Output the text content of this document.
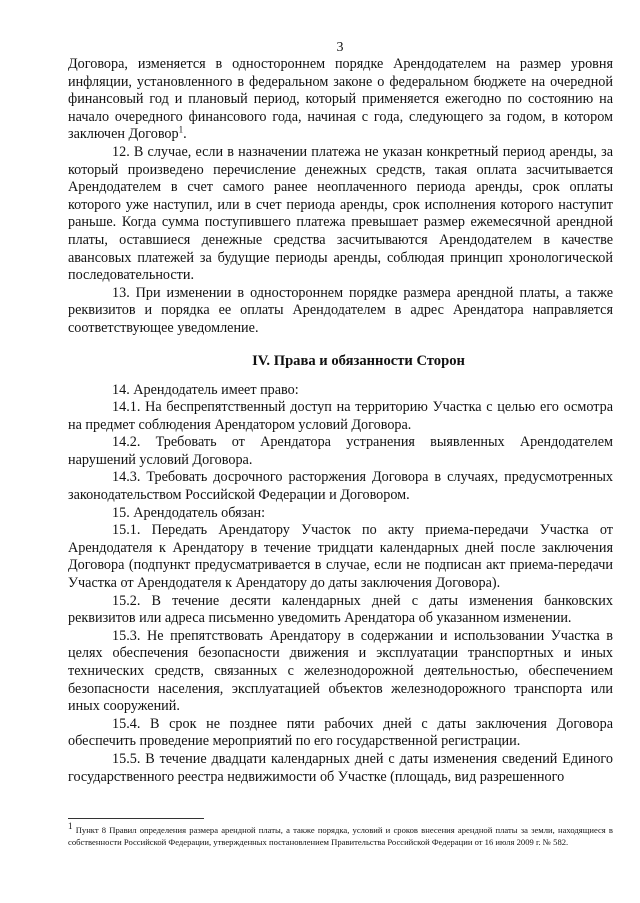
3

Договора, изменяется в одностороннем порядке Арендодателем на размер уровня инфляции, установленного в федеральном законе о федеральном бюджете на очередной финансовый год и плановый период, который применяется ежегодно по состоянию на начало очередного финансового года, начиная с года, следующего за годом, в котором заключен Договор$^1$.

12. В случае, если в назначении платежа не указан конкретный период аренды, за который произведено перечисление денежных средств, такая оплата засчитывается Арендодателем в счет самого ранее неоплаченного периода аренды, срок оплаты которого уже наступил, или в счет периода аренды, срок исполнения которого наступит раньше. Когда сумма поступившего платежа превышает размер ежемесячной арендной платы, оставшиеся денежные средства засчитываются Арендодателем в качестве авансовых платежей за будущие периоды аренды, соблюдая принцип хронологической последовательности.

13. При изменении в одностороннем порядке размера арендной платы, а также реквизитов и порядка ее оплаты Арендодателем в адрес Арендатора направляется соответствующее уведомление.

IV. Права и обязанности Сторон

14. Арендодатель имеет право:

14.1. На беспрепятственный доступ на территорию Участка с целью его осмотра на предмет соблюдения Арендатором условий Договора.

14.2. Требовать от Арендатора устранения выявленных Арендодателем нарушений условий Договора.

14.3. Требовать досрочного расторжения Договора в случаях, предусмотренных законодательством Российской Федерации и Договором.

15. Арендодатель обязан:

15.1. Передать Арендатору Участок по акту приема-передачи Участка от Арендодателя к Арендатору в течение тридцати календарных дней после заключения Договора (подпункт предусматривается в случае, если не подписан акт приема-передачи Участка от Арендодателя к Арендатору до даты заключения Договора).

15.2. В течение десяти календарных дней с даты изменения банковских реквизитов или адреса письменно уведомить Арендатора об указанном изменении.

15.3. Не препятствовать Арендатору в содержании и использовании Участка в целях обеспечения безопасности движения и эксплуатации транспортных и иных технических средств, связанных с железнодорожной деятельностью, обеспечением безопасности населения, эксплуатацией объектов железнодорожного транспорта или иных сооружений.

15.4. В срок не позднее пяти рабочих дней с даты заключения Договора обеспечить проведение мероприятий по его государственной регистрации.

15.5. В течение двадцати календарных дней с даты изменения сведений Единого государственного реестра недвижимости об Участке (площадь, вид разрешенного

$^1$ Пункт 8 Правил определения размера арендной платы, а также порядка, условий и сроков внесения арендной платы за земли, находящиеся в собственности Российской Федерации, утвержденных постановлением Правительства Российской Федерации от 16 июля 2009 г. № 582.
